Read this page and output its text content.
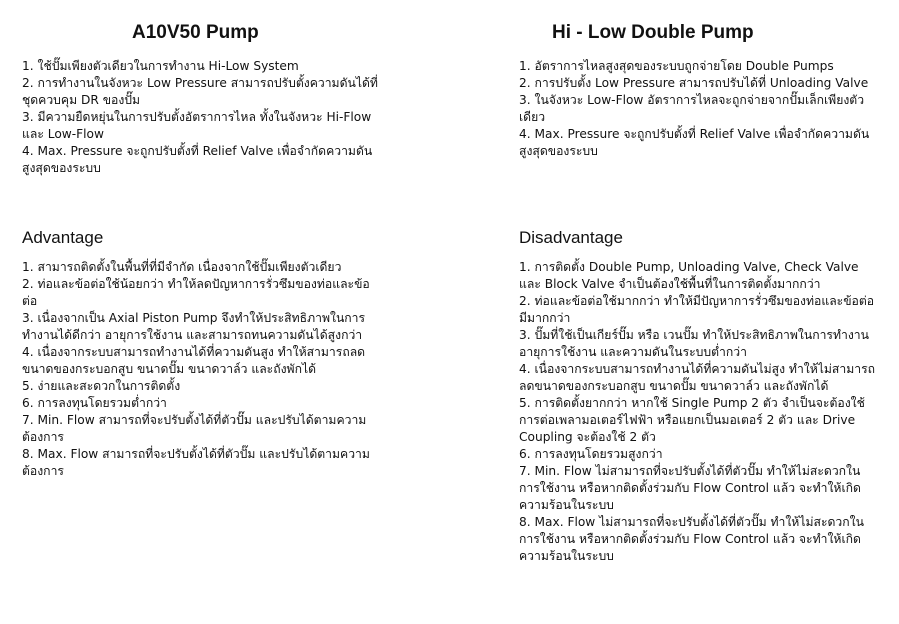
A10V50 Pump
1. ใช้ปั๊มเพียงตัวเดียวในการทำงาน Hi-Low System
2. การทำงานในจังหวะ Low Pressure สามารถปรับตั้งความดันได้ที่ชุดควบคุม DR ของปั๊ม
3. มีความยืดหยุ่นในการปรับตั้งอัตราการไหล ทั้งในจังหวะ Hi-Flow และ Low-Flow
4. Max. Pressure จะถูกปรับตั้งที่ Relief Valve เพื่อจำกัดความดันสูงสุดของระบบ
Advantage
1. สามารถติดตั้งในพื้นที่ที่มีจำกัด เนื่องจากใช้ปั๊มเพียงตัวเดียว
2. ท่อและข้อต่อใช้น้อยกว่า ทำให้ลดปัญหาการรั่วซึมของท่อและข้อต่อ
3. เนื่องจากเป็น Axial Piston Pump จึงทำให้ประสิทธิภาพในการทำงานได้ดีกว่า อายุการใช้งาน และสามารถทนความดันได้สูงกว่า
4. เนื่องจากระบบสามารถทำงานได้ที่ความดันสูง ทำให้สามารถลดขนาดของกระบอกสูบ ขนาดปั๊ม ขนาดวาล์ว และถังพักได้
5. ง่ายและสะดวกในการติดตั้ง
6. การลงทุนโดยรวมต่ำกว่า
7. Min. Flow สามารถที่จะปรับตั้งได้ที่ตัวปั๊ม และปรับได้ตามความต้องการ
8. Max. Flow สามารถที่จะปรับตั้งได้ที่ตัวปั๊ม และปรับได้ตามความต้องการ
Hi - Low Double Pump
1. อัตราการไหลสูงสุดของระบบถูกจ่ายโดย Double Pumps
2. การปรับตั้ง Low Pressure สามารถปรับได้ที่ Unloading Valve
3. ในจังหวะ Low-Flow อัตราการไหลจะถูกจ่ายจากปั๊มเล็กเพียงตัวเดียว
4. Max. Pressure จะถูกปรับตั้งที่ Relief Valve เพื่อจำกัดความดันสูงสุดของระบบ
Disadvantage
1. การติดตั้ง Double Pump, Unloading Valve, Check Valve และ Block Valve จำเป็นต้องใช้พื้นที่ในการติดตั้งมากกว่า
2. ท่อและข้อต่อใช้มากกว่า ทำให้มีปัญหาการรั่วซึมของท่อและข้อต่อมีมากกว่า
3. ปั๊มที่ใช้เป็นเกียร์ปั๊ม หรือ เวนปั๊ม ทำให้ประสิทธิภาพในการทำงาน อายุการใช้งาน และความดันในระบบต่ำกว่า
4. เนื่องจากระบบสามารถทำงานได้ที่ความดันไม่สูง ทำให้ไม่สามารถลดขนาดของกระบอกสูบ ขนาดปั๊ม ขนาดวาล์ว และถังพักได้
5. การติดตั้งยากกว่า หากใช้ Single Pump 2 ตัว จำเป็นจะต้องใช้การต่อเพลามอเตอร์ไฟฟ้า หรือแยกเป็นมอเตอร์ 2 ตัว และ Drive Coupling จะต้องใช้ 2 ตัว
6. การลงทุนโดยรวมสูงกว่า
7. Min. Flow ไม่สามารถที่จะปรับตั้งได้ที่ตัวปั๊ม ทำให้ไม่สะดวกในการใช้งาน หรือหากติดตั้งร่วมกับ Flow Control แล้ว จะทำให้เกิดความร้อนในระบบ
8. Max. Flow ไม่สามารถที่จะปรับตั้งได้ที่ตัวปั๊ม ทำให้ไม่สะดวกในการใช้งาน หรือหากติดตั้งร่วมกับ Flow Control แล้ว จะทำให้เกิดความร้อนในระบบ
